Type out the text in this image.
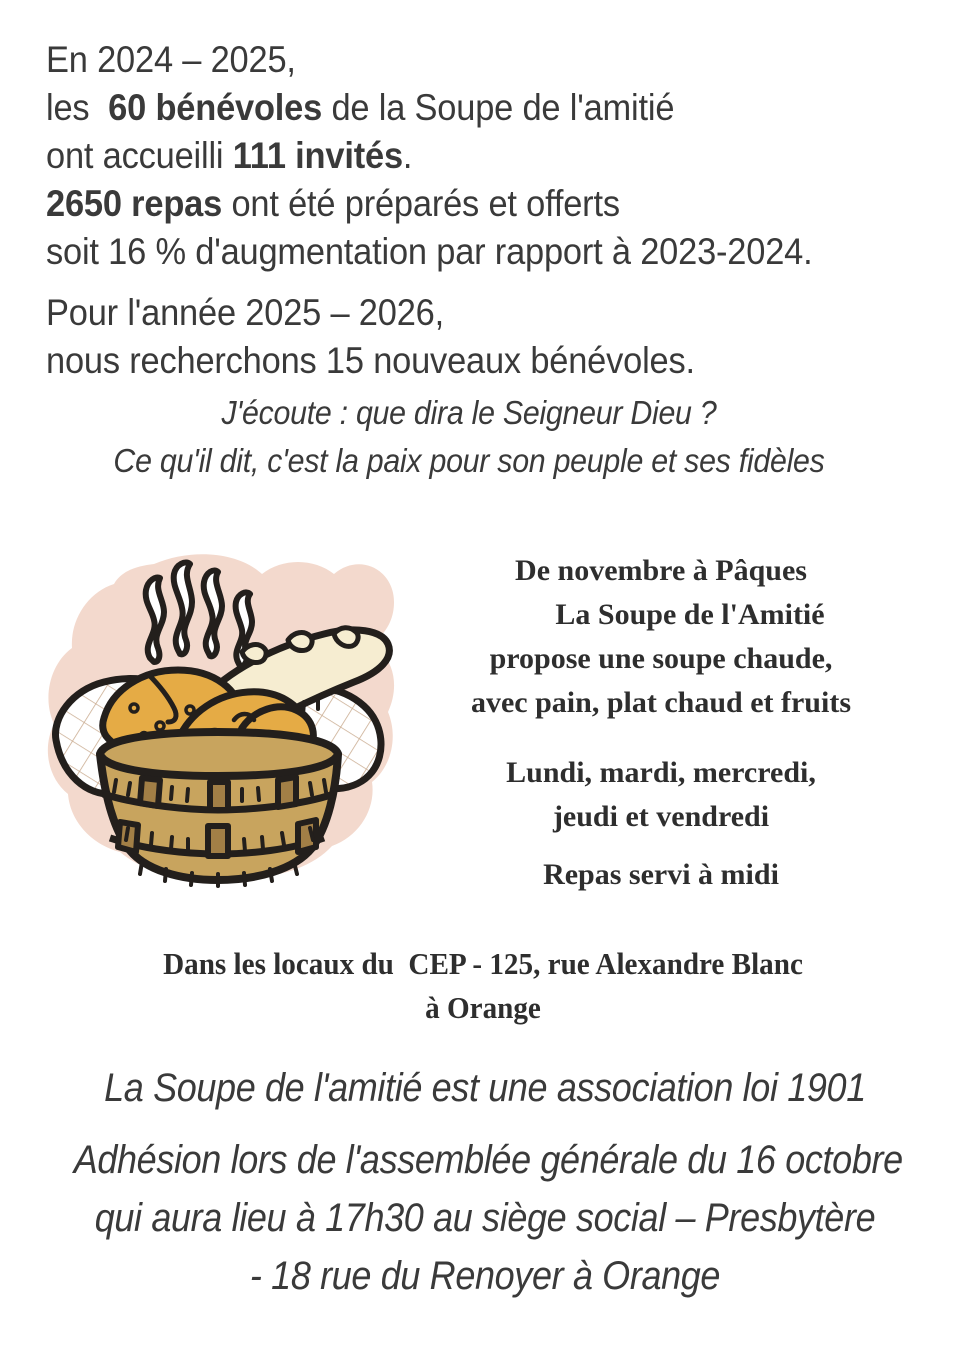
En 2024 – 2025,
les  60 bénévoles de la Soupe de l'amitié
ont accueilli 111 invités.
2650 repas ont été préparés et offerts
soit 16 % d'augmentation par rapport à 2023-2024.
Pour l'année 2025 – 2026,
nous recherchons 15 nouveaux bénévoles.
J'écoute : que dira le Seigneur Dieu ?
Ce qu'il dit, c'est la paix pour son peuple et ses fidèles
De novembre à Pâques
La Soupe de l'Amitié
propose une soupe chaude,
avec pain, plat chaud et fruits
Lundi, mardi, mercredi,
jeudi et vendredi
Repas servi à midi
Dans les locaux du  CEP - 125, rue Alexandre Blanc
à Orange
La Soupe de l'amitié est une association loi 1901
Adhésion lors de l'assemblée générale du 16 octobre
qui aura lieu à 17h30 au siège social – Presbytère
- 18 rue du Renoyer à Orange
